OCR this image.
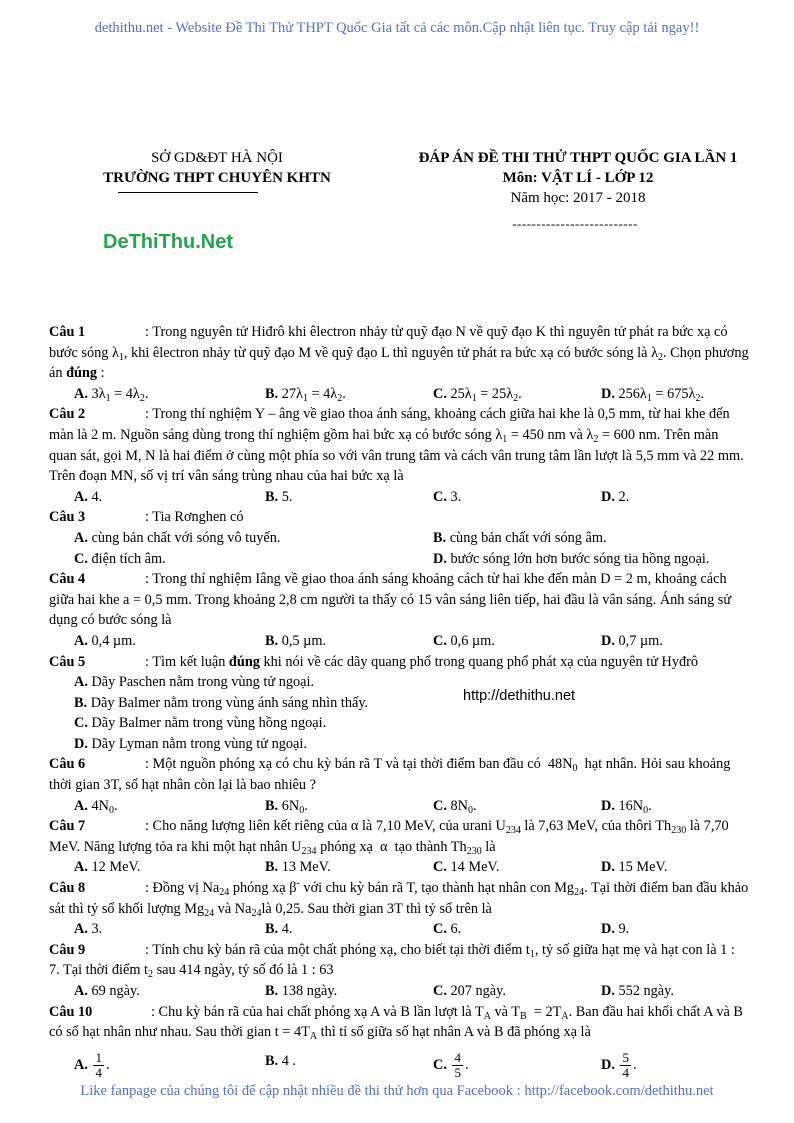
dethithu.net - Website Đề Thi Thử THPT Quốc Gia tất cả các môn.Cập nhật liên tục. Truy cập tải ngay!!
SỞ GD&ĐT HÀ NỘI
TRƯỜNG THPT CHUYÊN KHTN
ĐÁP ÁN ĐỀ THI THỬ THPT QUỐC GIA LẦN 1
Môn: VẬT LÍ - LỚP 12
Năm học: 2017 - 2018
--------------------------
DeThiThu.Net

Câu 1	: Trong nguyên tử Hiđrô khi êlectron nhảy từ quỹ đạo N về quỹ đạo K thì nguyên tử phát ra bức xạ có bước sóng $\lambda_1$, khi êlectron nhảy từ quỹ đạo M về quỹ đạo L thì nguyên tử phát ra bức xạ có bước sóng là $\lambda_2$. Chọn phương án đúng :

A. $3\lambda_1 = 4\lambda_2$.	B. $27\lambda_1 = 4\lambda_2$.	C. $25\lambda_1 = 25\lambda_2$.	D. $256\lambda_1 = 675\lambda_2$.

Câu 2	: Trong thí nghiệm Y – âng về giao thoa ánh sáng, khoảng cách giữa hai khe là 0,5 mm, từ hai khe đến màn là 2 m. Nguồn sáng dùng trong thí nghiệm gồm hai bức xạ có bước sóng $\lambda_1 = 450$ nm và $\lambda_2 = 600$ nm. Trên màn quan sát, gọi M, N là hai điểm ở cùng một phía so với vân trung tâm và cách vân trung tâm lần lượt là 5,5 mm và 22 mm. Trên đoạn MN, số vị trí vân sáng trùng nhau của hai bức xạ là

A. 4.	B. 5.	C. 3.	D. 2.

Câu 3	: Tia Rơnghen có

A. cùng bản chất với sóng vô tuyến.	B. cùng bản chất với sóng âm.
C. điện tích âm.	D. bước sóng lớn hơn bước sóng tia hồng ngoại.

Câu 4	: Trong thí nghiệm Iâng về giao thoa ánh sáng khoảng cách từ hai khe đến màn D = 2 m, khoảng cách giữa hai khe a = 0,5 mm. Trong khoảng 2,8 cm người ta thấy có 15 vân sáng liên tiếp, hai đầu là vân sáng. Ánh sáng sử dụng có bước sóng là

A. 0,4 µm.	B. 0,5 µm.	C. 0,6 µm.	D. 0,7 µm.

Câu 5	: Tìm kết luận đúng khi nói về các dãy quang phổ trong quang phổ phát xạ của nguyên tử Hyđrô

A. Dãy Paschen nằm trong vùng tử ngoại.

B. Dãy Balmer nằm trong vùng ánh sáng nhìn thấy.

C. Dãy Balmer nằm trong vùng hồng ngoại.

D. Dãy Lyman nằm trong vùng tử ngoại.

Câu 6	: Một nguồn phóng xạ có chu kỳ bán rã T và tại thời điểm ban đầu có  $48N_0$  hạt nhân. Hỏi sau khoảng thời gian 3T, số hạt nhân còn lại là bao nhiêu ?

A. $4N_0$.	B. $6N_0$.	C. $8N_0$.	D. $16N_0$.

Câu 7	: Cho năng lượng liên kết riêng của α là 7,10 MeV, của urani $U_{234}$ là 7,63 MeV, của thôri $Th_{230}$ là 7,70 MeV. Năng lượng tỏa ra khi một hạt nhân $U_{234}$ phóng xạ  α  tạo thành $Th_{230}$ là

A. 12 MeV.	B. 13 MeV.	C. 14 MeV.	D. 15 MeV.

Câu 8	: Đồng vị $Na_{24}$ phóng xạ β- với chu kỳ bán rã T, tạo thành hạt nhân con $Mg_{24}$. Tại thời điểm ban đầu khảo sát thì tỷ số khối lượng $Mg_{24}$ và $Na_{24}là$ 0,25. Sau thời gian 3T thì tỷ số trên là

A. 3.	B. 4.	C. 6.	D. 9.

Câu 9	: Tính chu kỳ bán rã của một chất phóng xạ, cho biết tại thời điểm $t_1$, tỷ số giữa hạt mẹ và hạt con là 1 : 7. Tại thời điểm $t_2$ sau 414 ngày, tỷ số đó là 1 : 63

A. 69 ngày.	B. 138 ngày.	C. 207 ngày.	D. 552 ngày.

Câu 10	: Chu kỳ bán rã của hai chất phóng xạ A và B lần lượt là $T_A$ và $T_B = 2T_A$. Ban đầu hai khối chất A và B có số hạt nhân như nhau. Sau thời gian $t = 4T_A$ thì tỉ số giữa số hạt nhân A và B đã phóng xạ là

A. $\frac{1}{4}$ .	B. 4 .	C. $\frac{4}{5}$ .	D. $\frac{5}{4}$ .
http://dethithu.net
Like fanpage của chúng tôi để cập nhật nhiều đề thi thử hơn qua Facebook : http://facebook.com/dethithu.net
